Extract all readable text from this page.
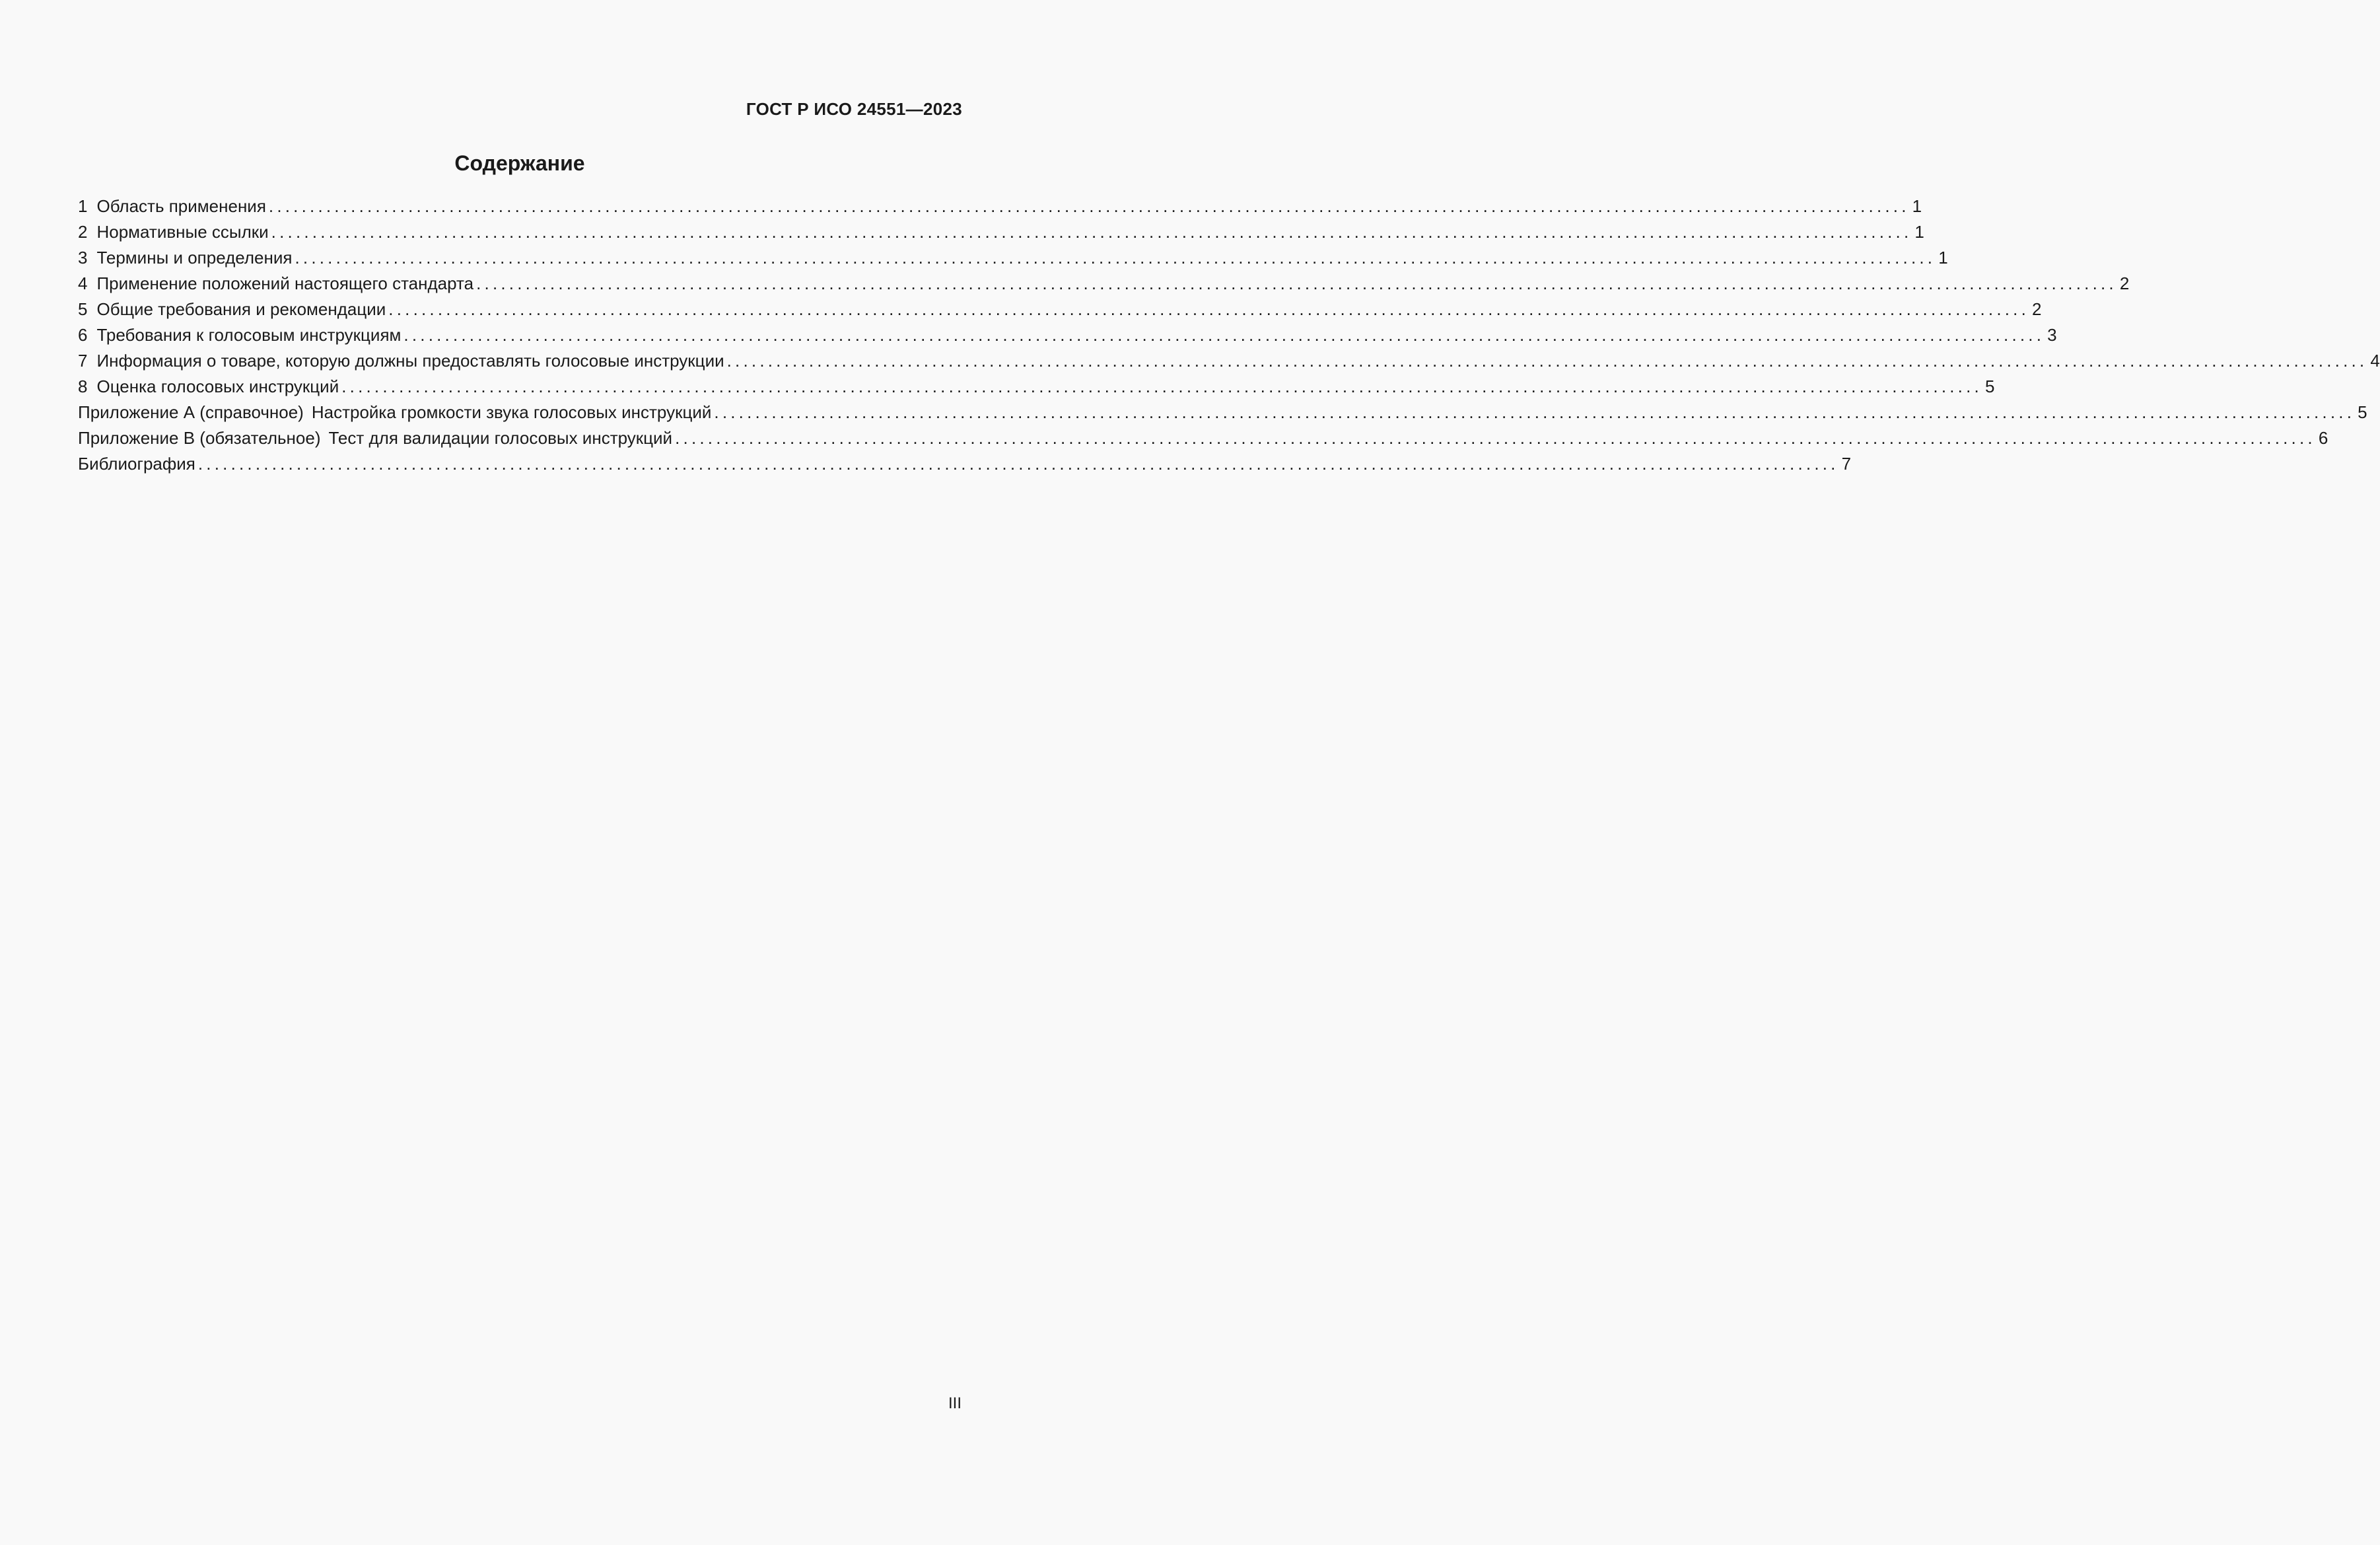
ГОСТ Р ИСО 24551—2023
Содержание
1 Область применения ........................................................................................................................................................................................................ 1
2 Нормативные ссылки ........................................................................................................................................................................................................ 1
3 Термины и определения ........................................................................................................................................................................................................ 1
4 Применение положений настоящего стандарта ........................................................................................................................................................................................................ 2
5 Общие требования и рекомендации ........................................................................................................................................................................................................ 2
6 Требования к голосовым инструкциям ........................................................................................................................................................................................................ 3
7 Информация о товаре, которую должны предоставлять голосовые инструкции ........................................................................................................................................................................................................ 4
8 Оценка голосовых инструкций ........................................................................................................................................................................................................ 5
Приложение А (справочное) Настройка громкости звука голосовых инструкций ........................................................................................................................................................................................................ 5
Приложение В (обязательное) Тест для валидации голосовых инструкций ........................................................................................................................................................................................................ 6
Библиография ........................................................................................................................................................................................................ 7
III
